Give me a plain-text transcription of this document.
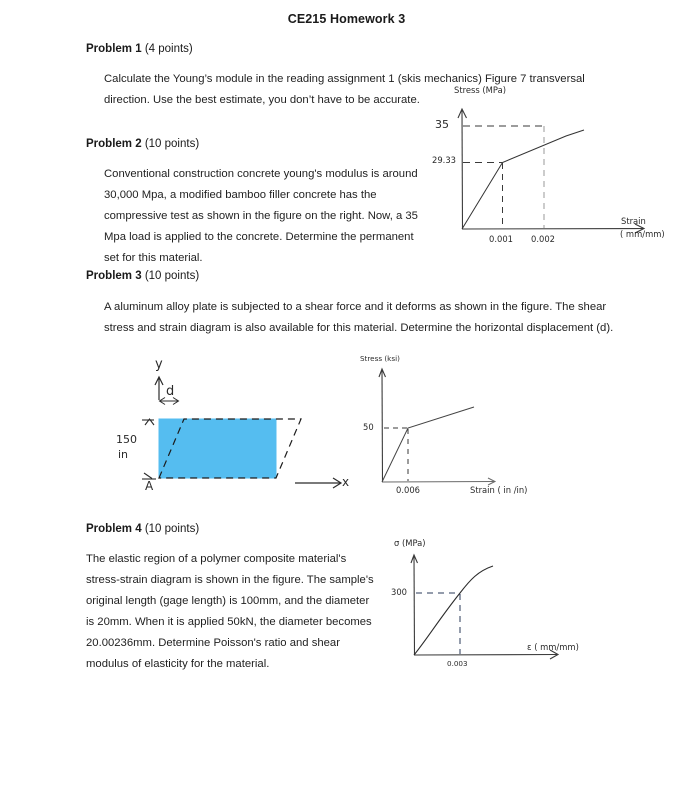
CE215 Homework 3
Problem 1 (4 points)
Calculate the Young’s module in the reading assignment 1 (skis mechanics) Figure 7 transversal direction. Use the best estimate, you don’t have to be accurate.
Problem 2 (10 points)
Conventional construction concrete young's modulus is around 30,000 Mpa, a modified bamboo filler concrete has the compressive test as shown in the figure on the right. Now, a 35 Mpa load is applied to the concrete. Determine the permanent set for this material.
Stress (MPa)
35
29.33
0.001 0.002
Strain
( mm/mm)
Problem 3 (10 points)
A aluminum alloy plate is subjected to a shear force and it deforms as shown in the figure. The shear stress and strain diagram is also available for this material. Determine the horizontal displacement (d).
y
d
150
in
A	x
Stress (ksi)
50
0.006	Strain ( in /in)
Problem 4 (10 points)
The elastic region of a polymer composite material's stress-strain diagram is shown in the figure. The sample's original length (gage length) is 100mm, and the diameter is 20mm. When it is applied 50kN, the diameter becomes 20.00236mm. Determine Poisson's ratio and shear modulus of elasticity for the material.
σ (MPa)
300
0.003
ε ( mm/mm)
